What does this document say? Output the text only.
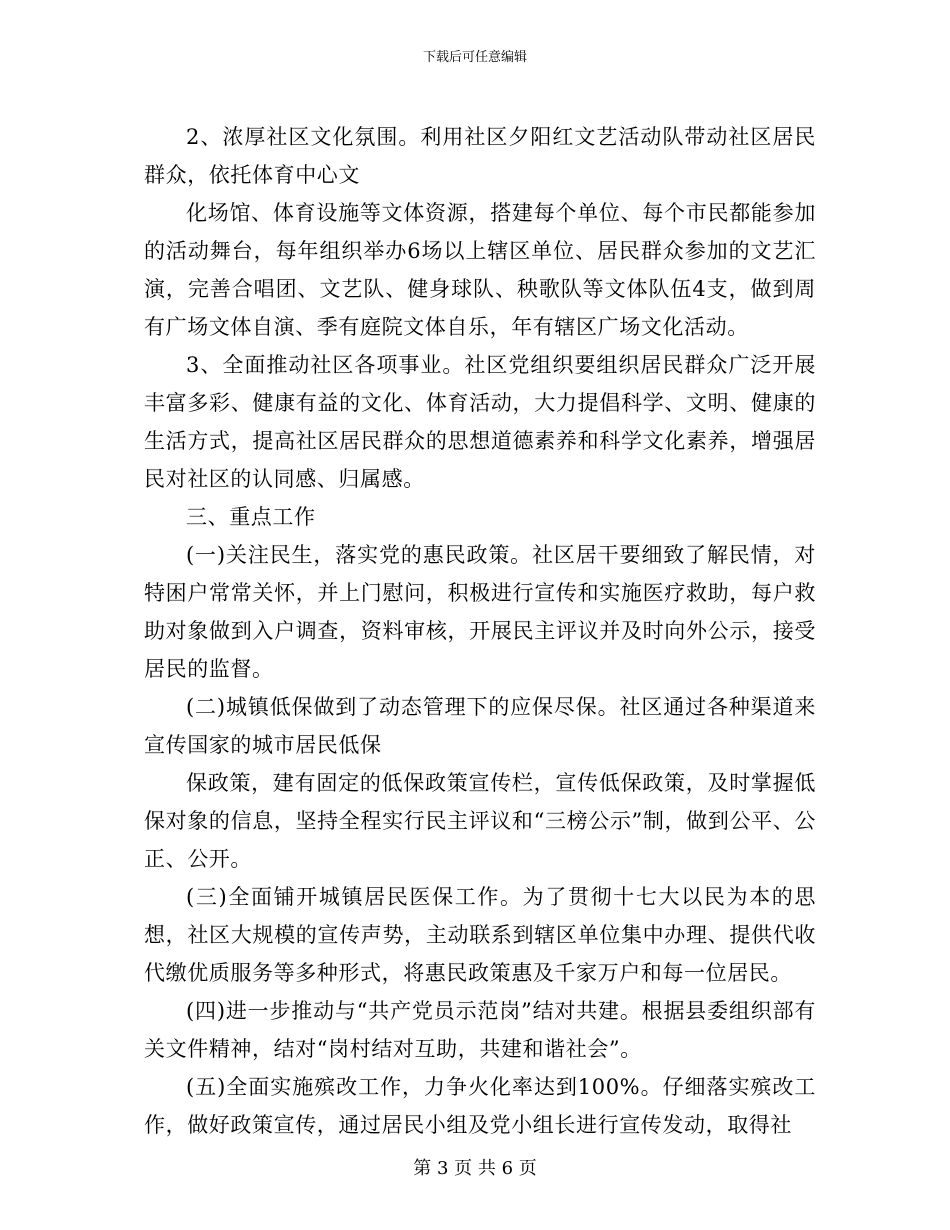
下载后可任意编辑

2、浓厚社区文化氛围。利用社区夕阳红文艺活动队带动社区居民群众，依托体育中心文

化场馆、体育设施等文体资源，搭建每个单位、每个市民都能参加的活动舞台，每年组织举办6场以上辖区单位、居民群众参加的文艺汇演，完善合唱团、文艺队、健身球队、秧歌队等文体队伍4支，做到周有广场文体自演、季有庭院文体自乐，年有辖区广场文化活动。

3、全面推动社区各项事业。社区党组织要组织居民群众广泛开展丰富多彩、健康有益的文化、体育活动，大力提倡科学、文明、健康的生活方式，提高社区居民群众的思想道德素养和科学文化素养，增强居民对社区的认同感、归属感。

三、重点工作

(一)关注民生，落实党的惠民政策。社区居干要细致了解民情，对特困户常常关怀，并上门慰问，积极进行宣传和实施医疗救助，每户救助对象做到入户调查，资料审核，开展民主评议并及时向外公示，接受居民的监督。

(二)城镇低保做到了动态管理下的应保尽保。社区通过各种渠道来宣传国家的城市居民低保

保政策，建有固定的低保政策宣传栏，宣传低保政策，及时掌握低保对象的信息，坚持全程实行民主评议和“三榜公示”制，做到公平、公正、公开。

(三)全面铺开城镇居民医保工作。为了贯彻十七大以民为本的思想，社区大规模的宣传声势，主动联系到辖区单位集中办理、提供代收代缴优质服务等多种形式，将惠民政策惠及千家万户和每一位居民。

(四)进一步推动与“共产党员示范岗”结对共建。根据县委组织部有关文件精神，结对“岗村结对互助，共建和谐社会”。

(五)全面实施殡改工作，力争火化率达到100%。仔细落实殡改工作，做好政策宣传，通过居民小组及党小组长进行宣传发动，取得社

第 3 页 共 6 页
